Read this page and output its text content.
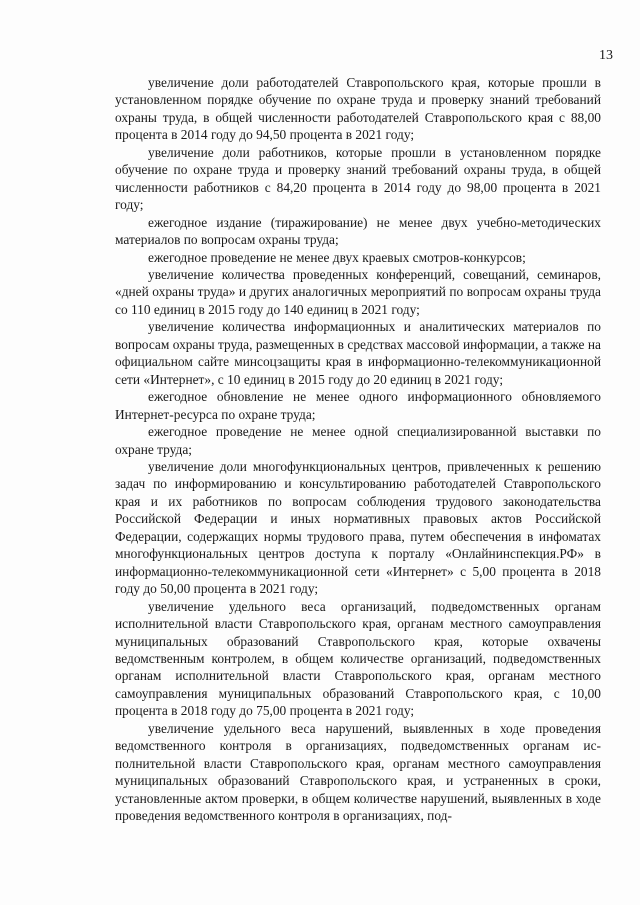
13

увеличение доли работодателей Ставропольского края, которые прошли в установленном порядке обучение по охране труда и проверку знаний требований охраны труда, в общей численности работодателей Ставропольского края с 88,00 процента в 2014 году до 94,50 процента в 2021 году;

увеличение доли работников, которые прошли в установленном порядке обучение по охране труда и проверку знаний требований охраны труда, в общей численности работников с 84,20 процента в 2014 году до 98,00 процента в 2021 году;

ежегодное издание (тиражирование) не менее двух учебно-методических материалов по вопросам охраны труда;

ежегодное проведение не менее двух краевых смотров-конкурсов;

увеличение количества проведенных конференций, совещаний, семинаров, «дней охраны труда» и других аналогичных мероприятий по вопросам охраны труда со 110 единиц в 2015 году до 140 единиц в 2021 году;

увеличение количества информационных и аналитических материалов по вопросам охраны труда, размещенных в средствах массовой информации, а также на официальном сайте минсоцзащиты края в информационно-телекоммуникационной сети «Интернет», с 10 единиц в 2015 году до 20 единиц в 2021 году;

ежегодное обновление не менее одного информационного обновляемого Интернет-ресурса по охране труда;

ежегодное проведение не менее одной специализированной выставки по охране труда;

увеличение доли многофункциональных центров, привлеченных к решению задач по информированию и консультированию работодателей Ставропольского края и их работников по вопросам соблюдения трудового законодательства Российской Федерации и иных нормативных правовых актов Российской Федерации, содержащих нормы трудового права, путем обеспечения в инфоматах многофункциональных центров доступа к порталу «Онлайнинспекция.РФ» в информационно-телекоммуникационной сети «Интернет» с 5,00 процента в 2018 году до 50,00 процента в 2021 году;

увеличение удельного веса организаций, подведомственных органам исполнительной власти Ставропольского края, органам местного самоуправления муниципальных образований Ставропольского края, которые охвачены ведомственным контролем, в общем количестве организаций, подведомственных органам исполнительной власти Ставропольского края, органам местного самоуправления муниципальных образований Ставропольского края, с 10,00 процента в 2018 году до 75,00 процента в 2021 году;

увеличение удельного веса нарушений, выявленных в ходе проведения ведомственного контроля в организациях, подведомственных органам исполнительной власти Ставропольского края, органам местного самоуправления муниципальных образований Ставропольского края, и устраненных в сроки, установленные актом проверки, в общем количестве нарушений, выявленных в ходе проведения ведомственного контроля в организациях, под-
